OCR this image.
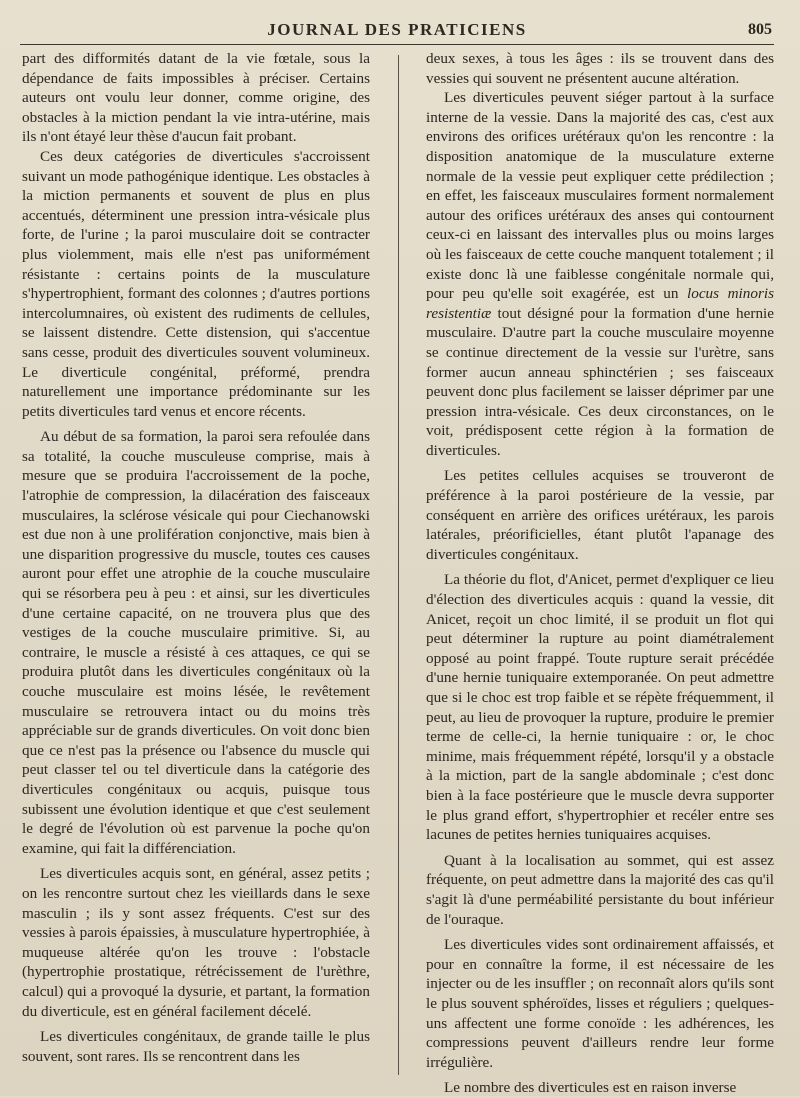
JOURNAL DES PRATICIENS	805

part des difformités datant de la vie fœtale, sous la dépendance de faits impossibles à préciser. Certains auteurs ont voulu leur donner, comme origine, des obstacles à la miction pendant la vie intra-utérine, mais ils n'ont étayé leur thèse d'aucun fait probant.

Ces deux catégories de diverticules s'accroissent suivant un mode pathogénique identique. Les obstacles à la miction permanents et souvent de plus en plus accentués, déterminent une pression intra-vésicale plus forte, de l'urine ; la paroi musculaire doit se contracter plus violemment, mais elle n'est pas uniformément résistante : certains points de la musculature s'hypertrophient, formant des colonnes ; d'autres portions intercolumnaires, où existent des rudiments de cellules, se laissent distendre. Cette distension, qui s'accentue sans cesse, produit des diverticules souvent volumineux. Le diverticule congénital, préformé, prendra naturellement une importance prédominante sur les petits diverticules tard venus et encore récents.

Au début de sa formation, la paroi sera refoulée dans sa totalité, la couche musculeuse comprise, mais à mesure que se produira l'accroissement de la poche, l'atrophie de compression, la dilacération des faisceaux musculaires, la sclérose vésicale qui pour Ciechanowski est due non à une prolifération conjonctive, mais bien à une disparition progressive du muscle, toutes ces causes auront pour effet une atrophie de la couche musculaire qui se résorbera peu à peu : et ainsi, sur les diverticules d'une certaine capacité, on ne trouvera plus que des vestiges de la couche musculaire primitive. Si, au contraire, le muscle a résisté à ces attaques, ce qui se produira plutôt dans les diverticules congénitaux où la couche musculaire est moins lésée, le revêtement musculaire se retrouvera intact ou du moins très appréciable sur de grands diverticules. On voit donc bien que ce n'est pas la présence ou l'absence du muscle qui peut classer tel ou tel diverticule dans la catégorie des diverticules congénitaux ou acquis, puisque tous subissent une évolution identique et que c'est seulement le degré de l'évolution où est parvenue la poche qu'on examine, qui fait la différenciation.

Les diverticules acquis sont, en général, assez petits ; on les rencontre surtout chez les vieillards dans le sexe masculin ; ils y sont assez fréquents. C'est sur des vessies à parois épaissies, à musculature hypertrophiée, à muqueuse altérée qu'on les trouve : l'obstacle (hypertrophie prostatique, rétrécissement de l'urèthre, calcul) qui a provoqué la dysurie, et partant, la formation du diverticule, est en général facilement décelé.

Les diverticules congénitaux, de grande taille le plus souvent, sont rares. Ils se rencontrent dans les

deux sexes, à tous les âges : ils se trouvent dans des vessies qui souvent ne présentent aucune altération.

Les diverticules peuvent siéger partout à la surface interne de la vessie. Dans la majorité des cas, c'est aux environs des orifices urétéraux qu'on les rencontre : la disposition anatomique de la musculature externe normale de la vessie peut expliquer cette prédilection ; en effet, les faisceaux musculaires forment normalement autour des orifices urétéraux des anses qui contournent ceux-ci en laissant des intervalles plus ou moins larges où les faisceaux de cette couche manquent totalement ; il existe donc là une faiblesse congénitale normale qui, pour peu qu'elle soit exagérée, est un locus minoris resistentiæ tout désigné pour la formation d'une hernie musculaire. D'autre part la couche musculaire moyenne se continue directement de la vessie sur l'urètre, sans former aucun anneau sphinctérien ; ses faisceaux peuvent donc plus facilement se laisser déprimer par une pression intra-vésicale. Ces deux circonstances, on le voit, prédisposent cette région à la formation de diverticules.

Les petites cellules acquises se trouveront de préférence à la paroi postérieure de la vessie, par conséquent en arrière des orifices urétéraux, les parois latérales, préorificielles, étant plutôt l'apanage des diverticules congénitaux.

La théorie du flot, d'Anicet, permet d'expliquer ce lieu d'élection des diverticules acquis : quand la vessie, dit Anicet, reçoit un choc limité, il se produit un flot qui peut déterminer la rupture au point diamétralement opposé au point frappé. Toute rupture serait précédée d'une hernie tuniquaire extemporanée. On peut admettre que si le choc est trop faible et se répète fréquemment, il peut, au lieu de provoquer la rupture, produire le premier terme de celle-ci, la hernie tuniquaire : or, le choc minime, mais fréquemment répété, lorsqu'il y a obstacle à la miction, part de la sangle abdominale ; c'est donc bien à la face postérieure que le muscle devra supporter le plus grand effort, s'hypertrophier et recéler entre ses lacunes de petites hernies tuniquaires acquises.

Quant à la localisation au sommet, qui est assez fréquente, on peut admettre dans la majorité des cas qu'il s'agit là d'une perméabilité persistante du bout inférieur de l'ouraque.

Les diverticules vides sont ordinairement affaissés, et pour en connaître la forme, il est nécessaire de les injecter ou de les insuffler ; on reconnaît alors qu'ils sont le plus souvent sphéroïdes, lisses et réguliers ; quelques-uns affectent une forme conoïde : les adhérences, les compressions peuvent d'ailleurs rendre leur forme irrégulière.

Le nombre des diverticules est en raison inverse
